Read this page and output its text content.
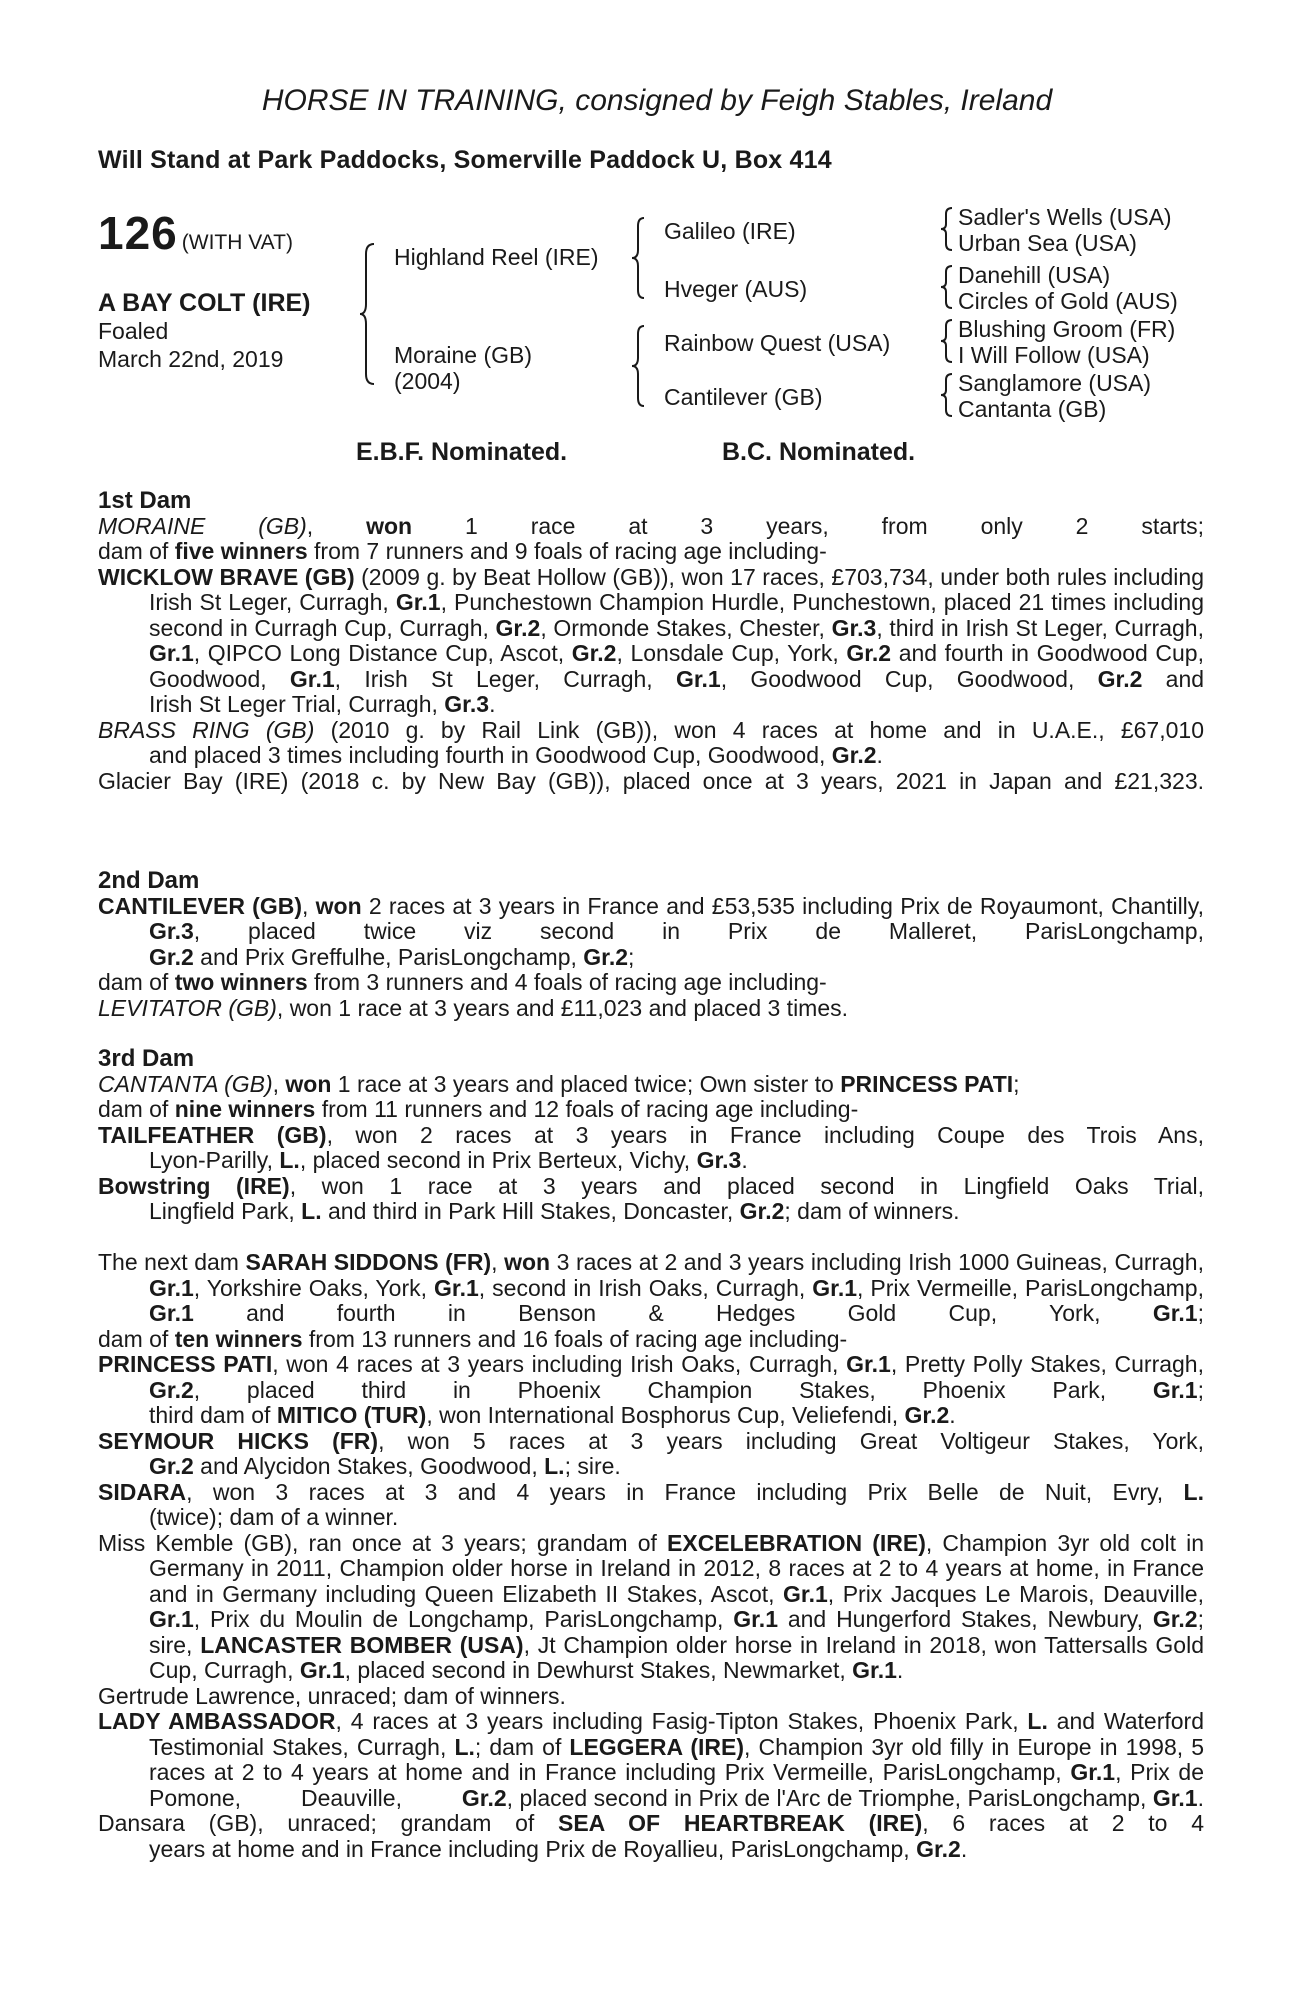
HORSE IN TRAINING, consigned by Feigh Stables, Ireland
Will Stand at Park Paddocks, Somerville Paddock U, Box 414
126 (WITH VAT)
A BAY COLT (IRE)
Foaled
March 22nd, 2019
Highland Reel (IRE)
Moraine (GB)
(2004)
Galileo (IRE)
Hveger (AUS)
Rainbow Quest (USA)
Cantilever (GB)
Sadler's Wells (USA)
Urban Sea (USA)
Danehill (USA)
Circles of Gold (AUS)
Blushing Groom (FR)
I Will Follow (USA)
Sanglamore (USA)
Cantanta (GB)
E.B.F. Nominated.	B.C. Nominated.

1st Dam

MORAINE (GB), won 1 race at 3 years, from only 2 starts;

dam of five winners from 7 runners and 9 foals of racing age including-

WICKLOW BRAVE (GB) (2009 g. by Beat Hollow (GB)), won 17 races, £703,734, under both rules including Irish St Leger, Curragh, Gr.1, Punchestown Champion Hurdle, Punchestown, placed 21 times including second in Curragh Cup, Curragh, Gr.2, Ormonde Stakes, Chester, Gr.3, third in Irish St Leger, Curragh, Gr.1, QIPCO Long Distance Cup, Ascot, Gr.2, Lonsdale Cup, York, Gr.2 and fourth in Goodwood Cup, Goodwood, Gr.1, Irish St Leger, Curragh, Gr.1, Goodwood Cup, Goodwood, Gr.2 and Irish St Leger Trial, Curragh, Gr.3.

BRASS RING (GB) (2010 g. by Rail Link (GB)), won 4 races at home and in U.A.E., £67,010 and placed 3 times including fourth in Goodwood Cup, Goodwood, Gr.2.

Glacier Bay (IRE) (2018 c. by New Bay (GB)), placed once at 3 years, 2021 in Japan and £21,323.

2nd Dam

CANTILEVER (GB), won 2 races at 3 years in France and £53,535 including Prix de Royaumont, Chantilly, Gr.3, placed twice viz second in Prix de Malleret, ParisLongchamp, Gr.2 and Prix Greffulhe, ParisLongchamp, Gr.2;

dam of two winners from 3 runners and 4 foals of racing age including-

LEVITATOR (GB), won 1 race at 3 years and £11,023 and placed 3 times.

3rd Dam

CANTANTA (GB), won 1 race at 3 years and placed twice; Own sister to PRINCESS PATI;

dam of nine winners from 11 runners and 12 foals of racing age including-

TAILFEATHER (GB), won 2 races at 3 years in France including Coupe des Trois Ans, Lyon-Parilly, L., placed second in Prix Berteux, Vichy, Gr.3.

Bowstring (IRE), won 1 race at 3 years and placed second in Lingfield Oaks Trial, Lingfield Park, L. and third in Park Hill Stakes, Doncaster, Gr.2; dam of winners.

The next dam SARAH SIDDONS (FR), won 3 races at 2 and 3 years including Irish 1000 Guineas, Curragh, Gr.1, Yorkshire Oaks, York, Gr.1, second in Irish Oaks, Curragh, Gr.1, Prix Vermeille, ParisLongchamp, Gr.1 and fourth in Benson & Hedges Gold Cup, York, Gr.1;

dam of ten winners from 13 runners and 16 foals of racing age including-

PRINCESS PATI, won 4 races at 3 years including Irish Oaks, Curragh, Gr.1, Pretty Polly Stakes, Curragh, Gr.2, placed third in Phoenix Champion Stakes, Phoenix Park, Gr.1; third dam of MITICO (TUR), won International Bosphorus Cup, Veliefendi, Gr.2.

SEYMOUR HICKS (FR), won 5 races at 3 years including Great Voltigeur Stakes, York, Gr.2 and Alycidon Stakes, Goodwood, L.; sire.

SIDARA, won 3 races at 3 and 4 years in France including Prix Belle de Nuit, Evry, L. (twice); dam of a winner.

Miss Kemble (GB), ran once at 3 years; grandam of EXCELEBRATION (IRE), Champion 3yr old colt in Germany in 2011, Champion older horse in Ireland in 2012, 8 races at 2 to 4 years at home, in France and in Germany including Queen Elizabeth II Stakes, Ascot, Gr.1, Prix Jacques Le Marois, Deauville, Gr.1, Prix du Moulin de Longchamp, ParisLongchamp, Gr.1 and Hungerford Stakes, Newbury, Gr.2; sire, LANCASTER BOMBER (USA), Jt Champion older horse in Ireland in 2018, won Tattersalls Gold Cup, Curragh, Gr.1, placed second in Dewhurst Stakes, Newmarket, Gr.1.

Gertrude Lawrence, unraced; dam of winners.

LADY AMBASSADOR, 4 races at 3 years including Fasig-Tipton Stakes, Phoenix Park, L. and Waterford Testimonial Stakes, Curragh, L.; dam of LEGGERA (IRE), Champion 3yr old filly in Europe in 1998, 5 races at 2 to 4 years at home and in France including Prix Vermeille, ParisLongchamp, Gr.1, Prix de Pomone, Deauville, Gr.2, placed second in Prix de l'Arc de Triomphe, ParisLongchamp, Gr.1.

Dansara (GB), unraced; grandam of SEA OF HEARTBREAK (IRE), 6 races at 2 to 4 years at home and in France including Prix de Royallieu, ParisLongchamp, Gr.2.
